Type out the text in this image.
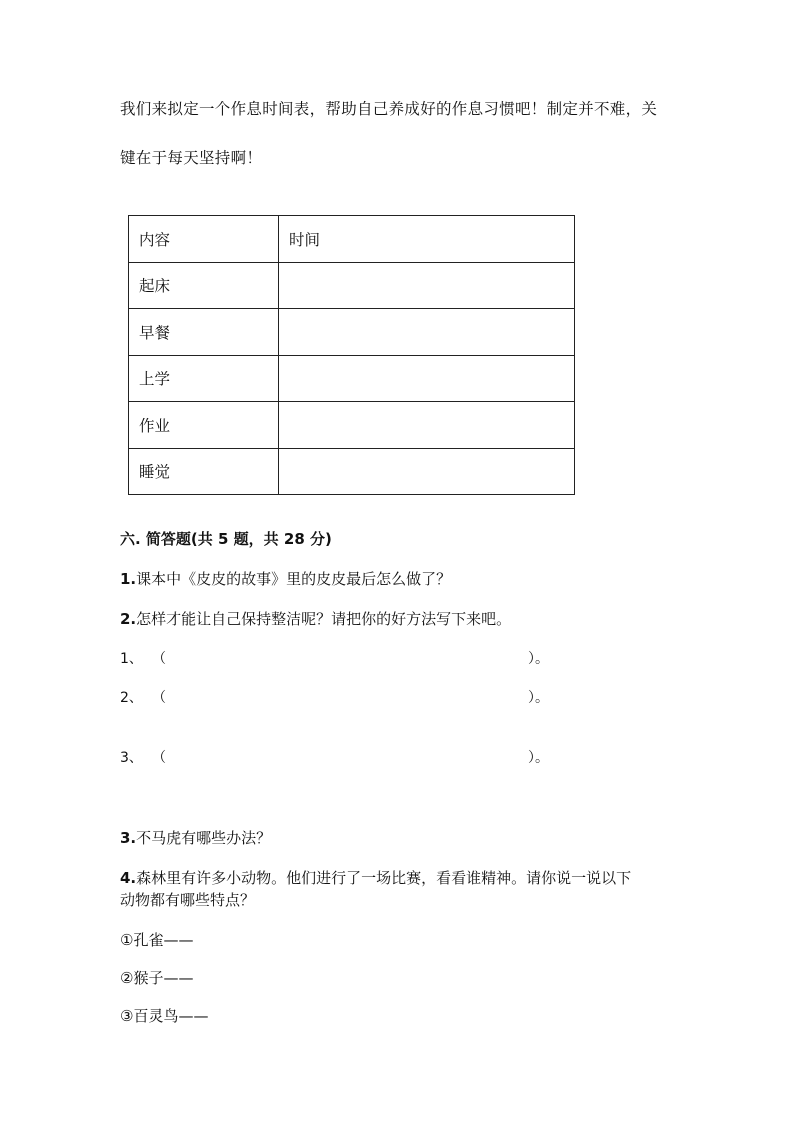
我们来拟定一个作息时间表，帮助自己养成好的作息习惯吧！制定并不难，关
键在于每天坚持啊！
内容	时间
起床	
早餐	
上学	
作业	
睡觉	
六. 简答题(共 5 题，共 28 分)
1.课本中《皮皮的故事》里的皮皮最后怎么做了？
2.怎样才能让自己保持整洁呢？请把你的好方法写下来吧。
1、 （	）。
2、 （	）。
3、 （	）。
3.不马虎有哪些办法？
4.森林里有许多小动物。他们进行了一场比赛，看看谁精神。请你说一说以下
动物都有哪些特点？
①孔雀——
②猴子——
③百灵鸟——
